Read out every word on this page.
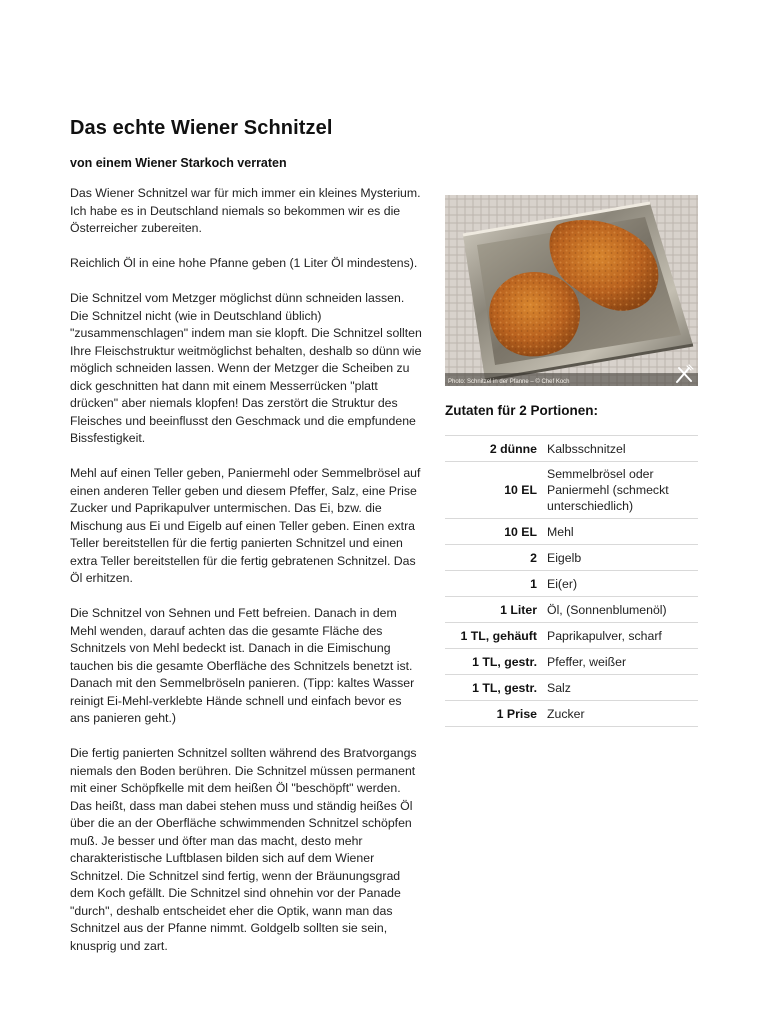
Das echte Wiener Schnitzel
von einem Wiener Starkoch verraten

Das Wiener Schnitzel war für mich immer ein kleines Mysterium. Ich habe es in Deutschland niemals so bekommen wir es die Österreicher zubereiten.

Reichlich Öl in eine hohe Pfanne geben (1 Liter Öl mindestens).

Die Schnitzel vom Metzger möglichst dünn schneiden lassen. Die Schnitzel nicht (wie in Deutschland üblich) "zusammenschlagen" indem man sie klopft. Die Schnitzel sollten Ihre Fleischstruktur weitmöglichst behalten, deshalb so dünn wie möglich schneiden lassen. Wenn der Metzger die Scheiben zu dick geschnitten hat dann mit einem Messerrücken "platt drücken" aber niemals klopfen! Das zerstört die Struktur des Fleisches und beeinflusst den Geschmack und die empfundene Bissfestigkeit.

Mehl auf einen Teller geben, Paniermehl oder Semmelbrösel auf einen anderen Teller geben und diesem Pfeffer, Salz, eine Prise Zucker und Paprikapulver untermischen. Das Ei, bzw. die Mischung aus Ei und Eigelb auf einen Teller geben. Einen extra Teller bereitstellen für die fertig panierten Schnitzel und einen extra Teller bereitstellen für die fertig gebratenen Schnitzel. Das Öl erhitzen.

Die Schnitzel von Sehnen und Fett befreien. Danach in dem Mehl wenden, darauf achten das die gesamte Fläche des Schnitzels von Mehl bedeckt ist. Danach in die Eimischung tauchen bis die gesamte Oberfläche des Schnitzels benetzt ist. Danach mit den Semmelbröseln panieren. (Tipp: kaltes Wasser reinigt Ei-Mehl-verklebte Hände schnell und einfach bevor es ans panieren geht.)

Die fertig panierten Schnitzel sollten während des Bratvorgangs niemals den Boden berühren. Die Schnitzel müssen permanent mit einer Schöpfkelle mit dem heißen Öl "beschöpft" werden. Das heißt, dass man dabei stehen muss und ständig heißes Öl über die an der Oberfläche schwimmenden Schnitzel schöpfen muß. Je besser und öfter man das macht, desto mehr charakteristische Luftblasen bilden sich auf dem Wiener Schnitzel. Die Schnitzel sind fertig, wenn der Bräunungsgrad dem Koch gefällt. Die Schnitzel sind ohnehin vor der Panade "durch", deshalb entscheidet eher die Optik, wann man das Schnitzel aus der Pfanne nimmt. Goldgelb sollten sie sein, knusprig und zart.

Photo: Schnitzel in der Pfanne – © Chef Koch
Zutaten für 2 Portionen:
2 dünne	Kalbsschnitzel
10 EL	Semmelbrösel oder Paniermehl (schmeckt unterschiedlich)
10 EL	Mehl
2	Eigelb
1	Ei(er)
1 Liter	Öl, (Sonnenblumenöl)
1 TL, gehäuft	Paprikapulver, scharf
1 TL, gestr.	Pfeffer, weißer
1 TL, gestr.	Salz
1 Prise	Zucker
